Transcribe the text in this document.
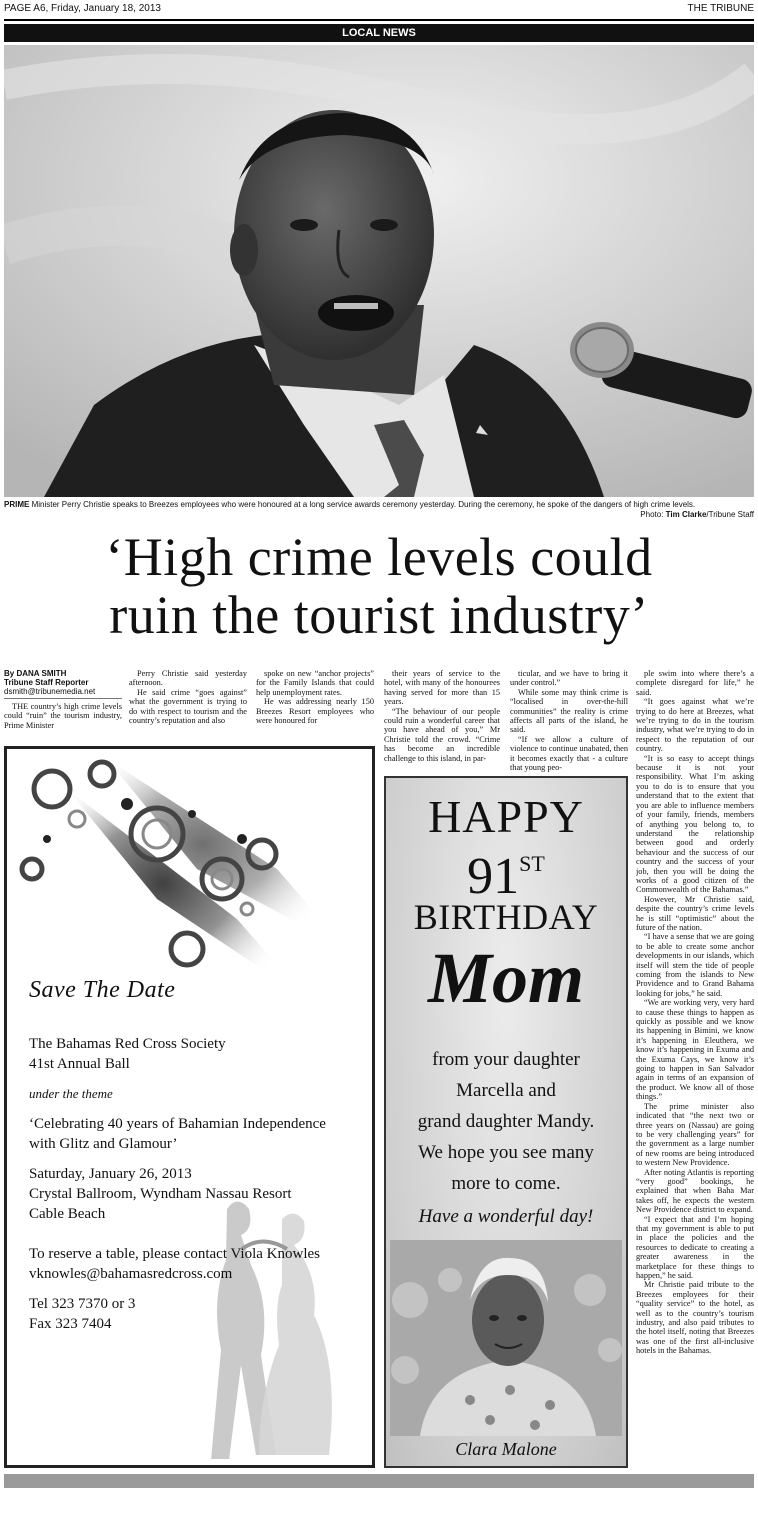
PAGE A6, Friday, January 18, 2013	THE TRIBUNE
LOCAL NEWS
PRIME Minister Perry Christie speaks to Breezes employees who were honoured at a long service awards ceremony yesterday. During the ceremony, he spoke of the dangers of high crime levels.
Photo: Tim Clarke/Tribune Staff
‘High crime levels could
ruin the tourist industry’
By DANA SMITH
Tribune Staff Reporter
dsmith@tribunemedia.net

THE country’s high crime levels could “ruin” the tourism industry, Prime Minister

Perry Christie said yesterday afternoon.

He said crime “goes against” what the government is trying to do with respect to tourism and the country’s reputation and also

spoke on new “anchor projects” for the Family Islands that could help unemployment rates.

He was addressing nearly 150 Breezes Resort employees who were honoured for

their years of service to the hotel, with many of the honourees having served for more than 15 years.

“The behaviour of our people could ruin a wonderful career that you have ahead of you,” Mr Christie told the crowd. “Crime has become an incredible challenge to this island, in par-

ticular, and we have to bring it under control.”

While some may think crime is “localised in over-the-hill communities” the reality is crime affects all parts of the island, he said.

“If we allow a culture of violence to continue unabated, then it becomes exactly that - a culture that young peo-

ple swim into where there’s a complete disregard for life,” he said.

“It goes against what we’re trying to do here at Breezes, what we’re trying to do in the tourism industry, what we’re trying to do in respect to the reputation of our country.

“It is so easy to accept things because it is not your responsibility. What I’m asking you to do is to ensure that you understand that to the extent that you are able to influence members of your family, friends, members of anything you belong to, to understand the relationship between good and orderly behaviour and the success of our country and the success of your job, then you will be doing the works of a good citizen of the Commonwealth of the Bahamas.”

However, Mr Christie said, despite the country’s crime levels he is still “optimistic” about the future of the nation.

“I have a sense that we are going to be able to create some anchor developments in our islands, which itself will stem the tide of people coming from the islands to New Providence and to Grand Bahama looking for jobs,” he said.

“We are working very, very hard to cause these things to happen as quickly as possible and we know its happening in Bimini, we know it’s happening in Eleuthera, we know it’s happening in Exuma and the Exuma Cays, we know it’s going to happen in San Salvador again in terms of an expansion of the product. We know all of those things.”

The prime minister also indicated that “the next two or three years on (Nassau) are going to be very challenging years” for the government as a large number of new rooms are being introduced to western New Providence.

After noting Atlantis is reporting “very good” bookings, he explained that when Baha Mar takes off, he expects the western New Providence district to expand.

“I expect that and I’m hoping that my government is able to put in place the policies and the resources to dedicate to creating a greater awareness in the marketplace for these things to happen,” he said.

Mr Christie paid tribute to the Breezes employees for their “quality service” to the hotel, as well as to the country’s tourism industry, and also paid tributes to the hotel itself, noting that Breezes was one of the first all-inclusive hotels in the Bahamas.

Save The Date
The Bahamas Red Cross Society
41st Annual Ball
under the theme
‘Celebrating 40 years of Bahamian Independence
with Glitz and Glamour’
Saturday, January 26, 2013
Crystal Ballroom, Wyndham Nassau Resort
Cable Beach
To reserve a table, please contact Viola Knowles
vknowles@bahamasredcross.com
Tel 323 7370 or 3
Fax 323 7404
HAPPY
91ST
BIRTHDAY
Mom
from your daughter
Marcella and
grand daughter Mandy.
We hope you see many
more to come.
Have a wonderful day!
Clara Malone
